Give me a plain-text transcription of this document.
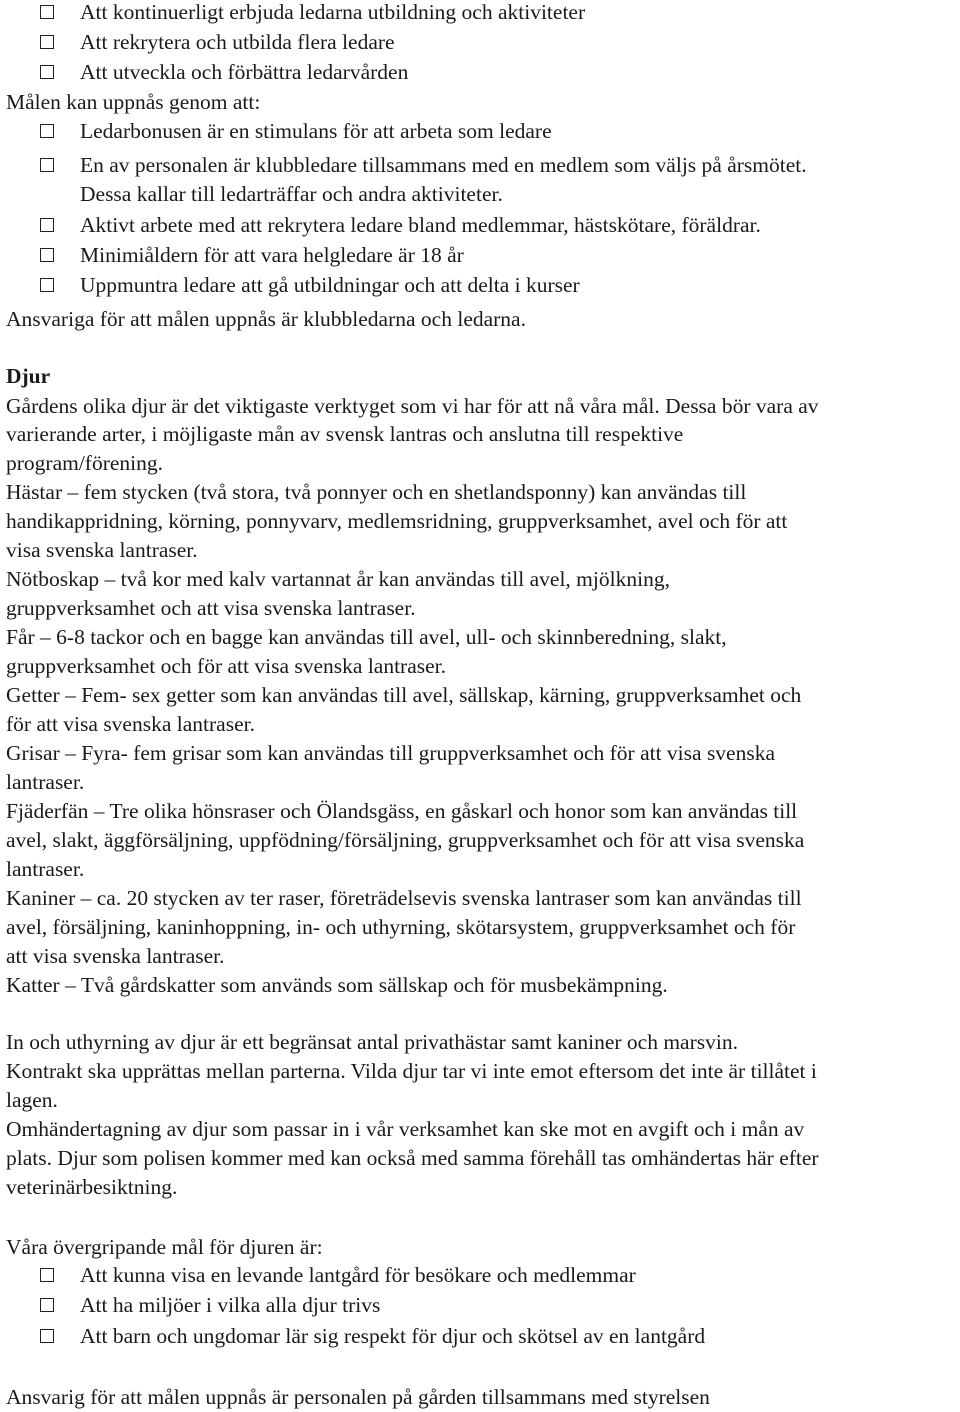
Att kontinuerligt erbjuda ledarna utbildning och aktiviteter
Att rekrytera och utbilda flera ledare
Att utveckla och förbättra ledarvården
Målen kan uppnås genom att:
Ledarbonusen är en stimulans för att arbeta som ledare
En av personalen är klubbledare tillsammans med en medlem som väljs på årsmötet.
Dessa kallar till ledarträffar och andra aktiviteter.
Aktivt arbete med att rekrytera ledare bland medlemmar, hästskötare, föräldrar.
Minimiåldern för att vara helgledare är 18 år
Uppmuntra ledare att gå utbildningar och att delta i kurser
Ansvariga för att målen uppnås är klubbledarna och ledarna.
Djur
Gårdens olika djur är det viktigaste verktyget som vi har för att nå våra mål. Dessa bör vara av
varierande arter, i möjligaste mån av svensk lantras och anslutna till respektive
program/förening.
Hästar – fem stycken (två stora, två ponnyer och en shetlandsponny) kan användas till
handikappridning, körning, ponnyvarv, medlemsridning, gruppverksamhet, avel och för att
visa svenska lantraser.
Nötboskap – två kor med kalv vartannat år kan användas till avel, mjölkning,
gruppverksamhet och att visa svenska lantraser.
Får – 6-8 tackor och en bagge kan användas till avel, ull- och skinnberedning, slakt,
gruppverksamhet och för att visa svenska lantraser.
Getter – Fem- sex getter som kan användas till avel, sällskap, kärning, gruppverksamhet och
för att visa svenska lantraser.
Grisar – Fyra- fem grisar som kan användas till gruppverksamhet och för att visa svenska
lantraser.
Fjäderfän – Tre olika hönsraser och Ölandsgäss, en gåskarl och honor som kan användas till
avel, slakt, äggförsäljning, uppfödning/försäljning, gruppverksamhet och för att visa svenska
lantraser.
Kaniner – ca. 20 stycken av ter raser, företrädelsevis svenska lantraser som kan användas till
avel, försäljning, kaninhoppning, in- och uthyrning, skötarsystem, gruppverksamhet och för
att visa svenska lantraser.
Katter – Två gårdskatter som används som sällskap och för musbekämpning.
In och uthyrning av djur är ett begränsat antal privathästar samt kaniner och marsvin.
Kontrakt ska upprättas mellan parterna. Vilda djur tar vi inte emot eftersom det inte är tillåtet i
lagen.
Omhändertagning av djur som passar in i vår verksamhet kan ske mot en avgift och i mån av
plats. Djur som polisen kommer med kan också med samma förehåll tas omhändertas här efter
veterinärbesiktning.
Våra övergripande mål för djuren är:
Att kunna visa en levande lantgård för besökare och medlemmar
Att ha miljöer i vilka alla djur trivs
Att barn och ungdomar lär sig respekt för djur och skötsel av en lantgård
Ansvarig för att målen uppnås är personalen på gården tillsammans med styrelsen
